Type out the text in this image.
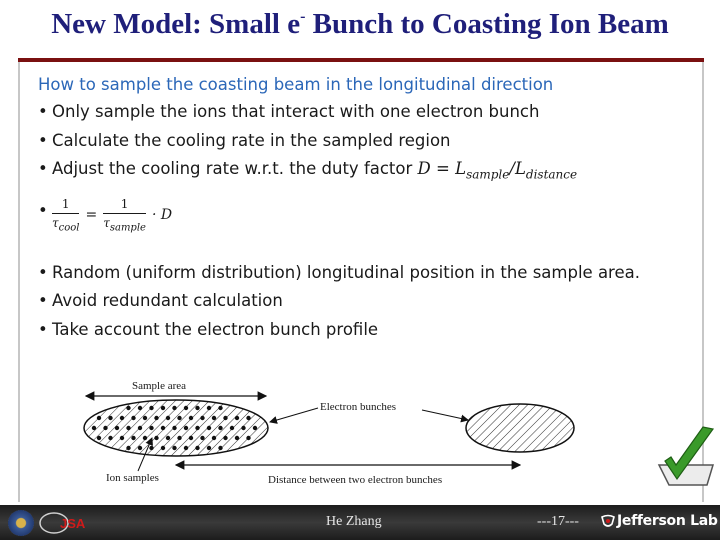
New Model: Small e- Bunch to Coasting Ion Beam
How to sample the coasting beam in the longitudinal direction
• Only sample the ions that interact with one electron bunch
• Calculate the cooling rate in the sampled region
• Adjust the cooling rate w.r.t. the duty factor $D = L_{sample}/L_{distance}$
• $\frac{1}{\tau_{cool}} = \frac{1}{\tau_{sample}} \cdot D$
• Random (uniform distribution) longitudinal position in the sample area.
• Avoid redundant calculation
• Take account the electron bunch profile
Sample area
Electron bunches
Ion samples	Distance between two electron bunches
JSA	He Zhang	---17---	Jefferson Lab
